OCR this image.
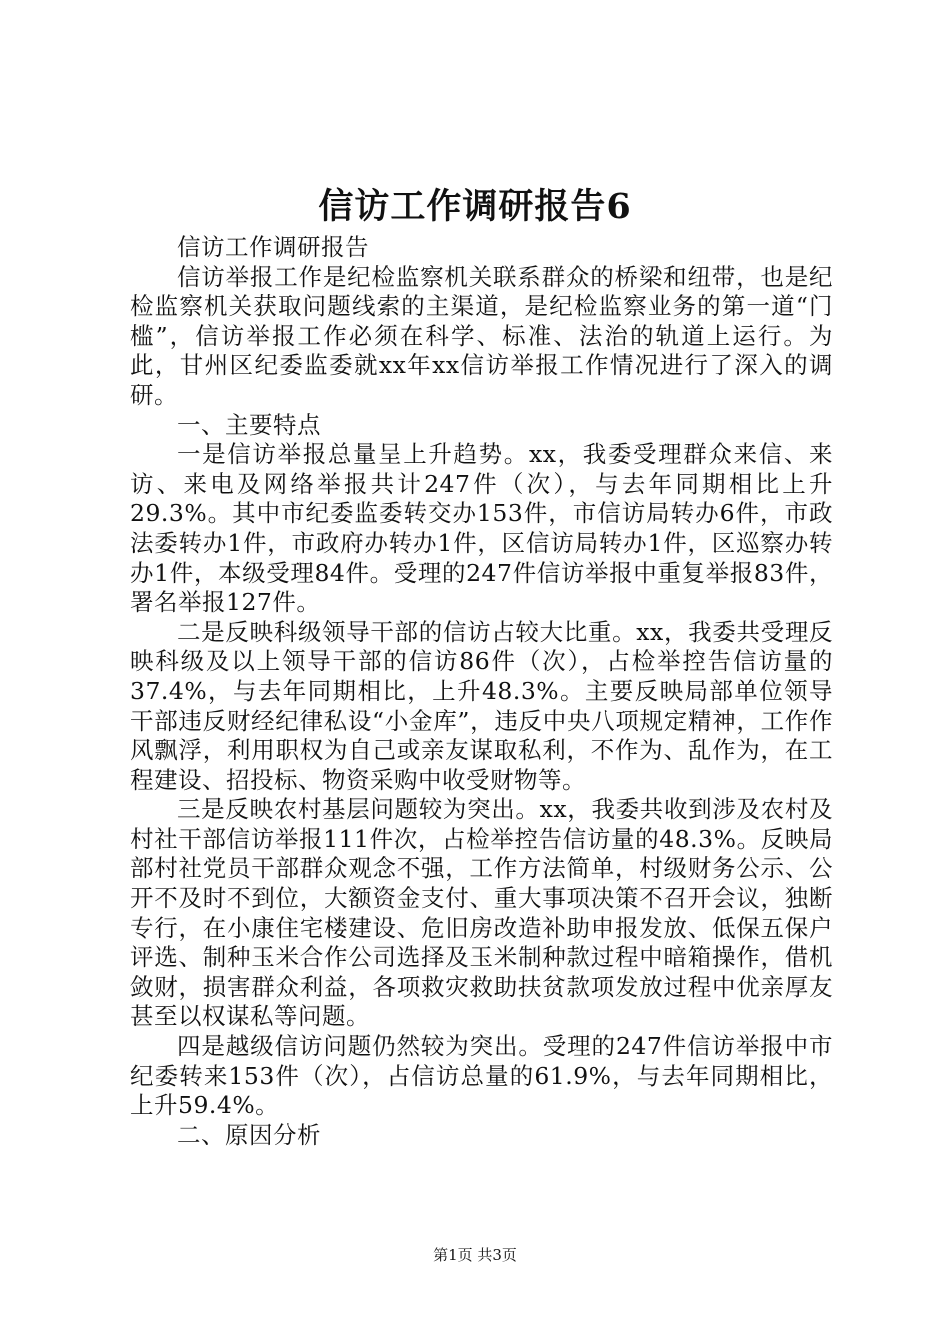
信访工作调研报告6

信访工作调研报告

信访举报工作是纪检监察机关联系群众的桥梁和纽带，也是纪检监察机关获取问题线索的主渠道，是纪检监察业务的第一道“门槛”，信访举报工作必须在科学、标准、法治的轨道上运行。为此，甘州区纪委监委就xx年xx信访举报工作情况进行了深入的调研。

一、主要特点

一是信访举报总量呈上升趋势。xx，我委受理群众来信、来访、来电及网络举报共计247件（次），与去年同期相比上升29.3%。其中市纪委监委转交办153件，市信访局转办6件，市政法委转办1件，市政府办转办1件，区信访局转办1件，区巡察办转办1件，本级受理84件。受理的247件信访举报中重复举报83件，署名举报127件。

二是反映科级领导干部的信访占较大比重。xx，我委共受理反映科级及以上领导干部的信访86件（次），占检举控告信访量的37.4%，与去年同期相比，上升48.3%。主要反映局部单位领导干部违反财经纪律私设“小金库”，违反中央八项规定精神，工作作风飘浮，利用职权为自己或亲友谋取私利，不作为、乱作为，在工程建设、招投标、物资采购中收受财物等。

三是反映农村基层问题较为突出。xx，我委共收到涉及农村及村社干部信访举报111件次，占检举控告信访量的48.3%。反映局部村社党员干部群众观念不强，工作方法简单，村级财务公示、公开不及时不到位，大额资金支付、重大事项决策不召开会议，独断专行，在小康住宅楼建设、危旧房改造补助申报发放、低保五保户评选、制种玉米合作公司选择及玉米制种款过程中暗箱操作，借机敛财，损害群众利益，各项救灾救助扶贫款项发放过程中优亲厚友甚至以权谋私等问题。

四是越级信访问题仍然较为突出。受理的247件信访举报中市纪委转来153件（次），占信访总量的61.9%，与去年同期相比，上升59.4%。

二、原因分析

第1页 共3页
